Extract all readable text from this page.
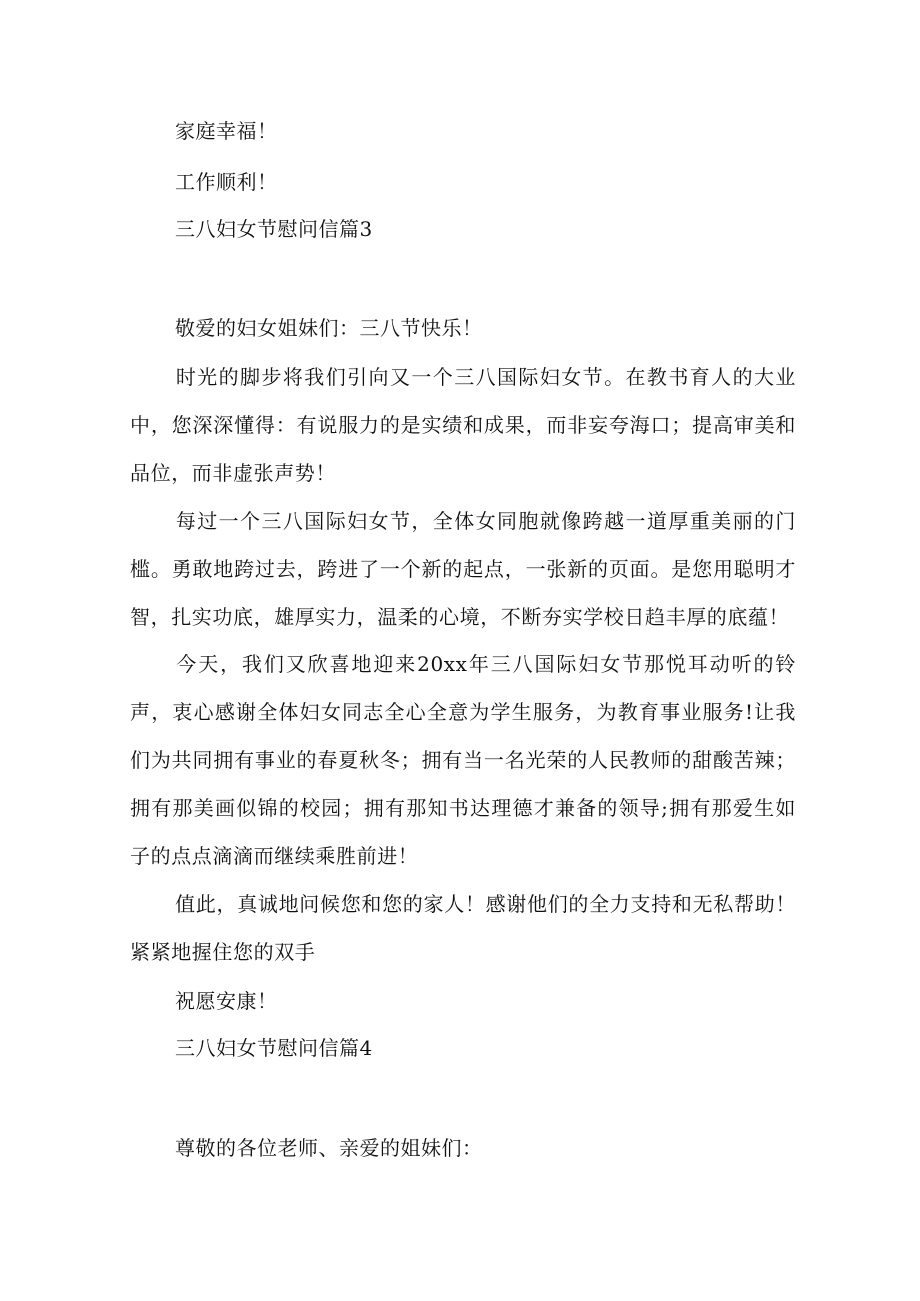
家庭幸福！

工作顺利！

三八妇女节慰问信篇3

敬爱的妇女姐妹们：三八节快乐！

时光的脚步将我们引向又一个三八国际妇女节。在教书育人的大业中，您深深懂得：有说服力的是实绩和成果，而非妄夸海口；提高审美和品位，而非虚张声势！

每过一个三八国际妇女节，全体女同胞就像跨越一道厚重美丽的门槛。勇敢地跨过去，跨进了一个新的起点，一张新的页面。是您用聪明才智，扎实功底，雄厚实力，温柔的心境，不断夯实学校日趋丰厚的底蕴！

今天，我们又欣喜地迎来20xx年三八国际妇女节那悦耳动听的铃声，衷心感谢全体妇女同志全心全意为学生服务，为教育事业服务!让我们为共同拥有事业的春夏秋冬；拥有当一名光荣的人民教师的甜酸苦辣；拥有那美画似锦的校园；拥有那知书达理德才兼备的领导;拥有那爱生如子的点点滴滴而继续乘胜前进！

值此，真诚地问候您和您的家人！感谢他们的全力支持和无私帮助！紧紧地握住您的双手

祝愿安康！

三八妇女节慰问信篇4

尊敬的各位老师、亲爱的姐妹们：
